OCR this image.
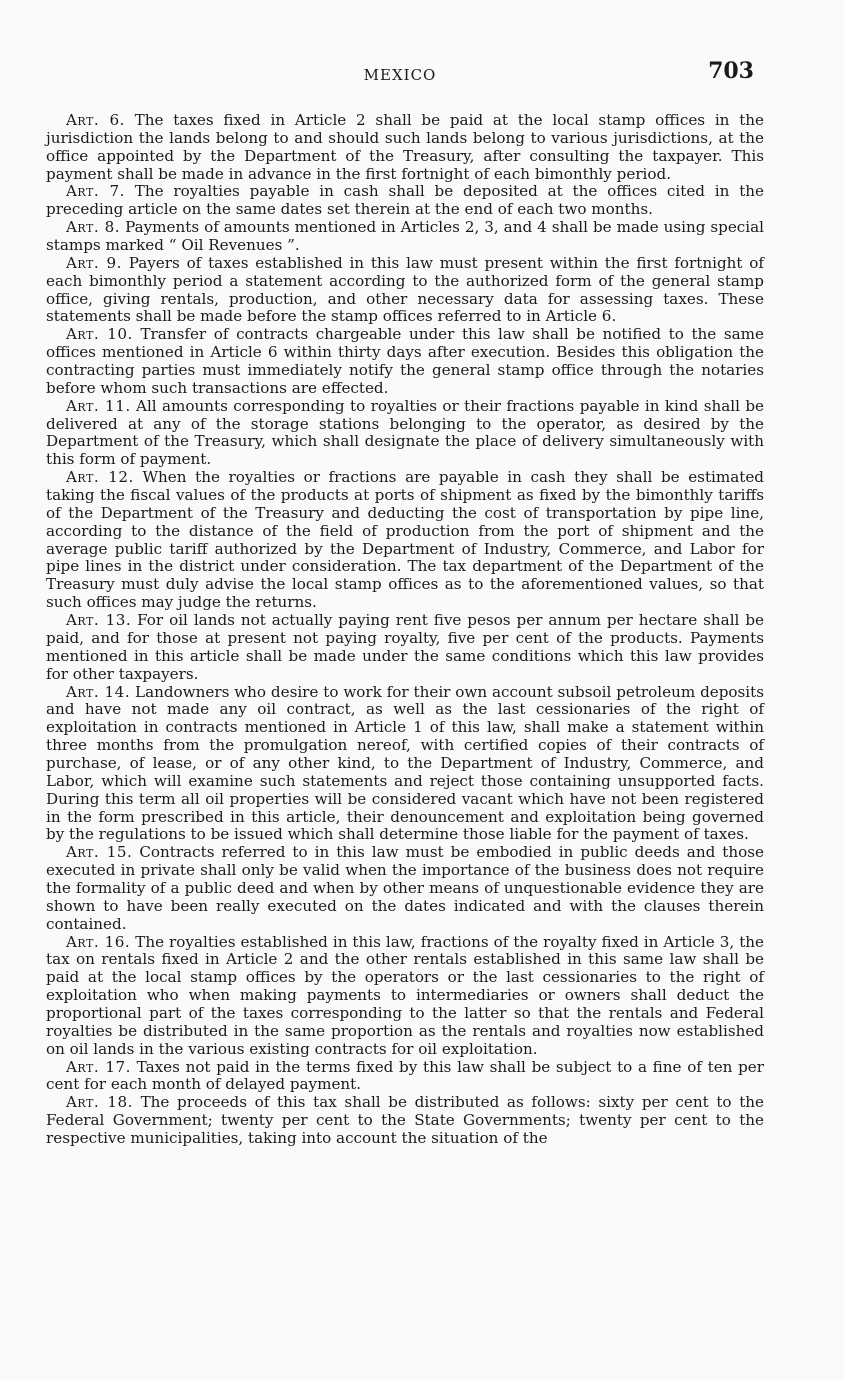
MEXICO	703

Art. 6. The taxes fixed in Article 2 shall be paid at the local stamp offices in the jurisdiction the lands belong to and should such lands belong to various jurisdictions, at the office appointed by the Department of the Treasury, after consulting the taxpayer. This payment shall be made in advance in the first fortnight of each bimonthly period.

Art. 7. The royalties payable in cash shall be deposited at the offices cited in the preceding article on the same dates set therein at the end of each two months.

Art. 8. Payments of amounts mentioned in Articles 2, 3, and 4 shall be made using special stamps marked “ Oil Revenues ”.

Art. 9. Payers of taxes established in this law must present within the first fortnight of each bimonthly period a statement according to the authorized form of the general stamp office, giving rentals, production, and other necessary data for assessing taxes. These statements shall be made before the stamp offices referred to in Article 6.

Art. 10. Transfer of contracts chargeable under this law shall be notified to the same offices mentioned in Article 6 within thirty days after execution. Besides this obligation the contracting parties must immediately notify the general stamp office through the notaries before whom such transactions are effected.

Art. 11. All amounts corresponding to royalties or their fractions payable in kind shall be delivered at any of the storage stations belonging to the operator, as desired by the Department of the Treasury, which shall designate the place of delivery simultaneously with this form of payment.

Art. 12. When the royalties or fractions are payable in cash they shall be estimated taking the fiscal values of the products at ports of shipment as fixed by the bimonthly tariffs of the Department of the Treasury and deducting the cost of transportation by pipe line, according to the distance of the field of production from the port of shipment and the average public tariff authorized by the Department of Industry, Commerce, and Labor for pipe lines in the district under consideration. The tax department of the Department of the Treasury must duly advise the local stamp offices as to the aforementioned values, so that such offices may judge the returns.

Art. 13. For oil lands not actually paying rent five pesos per annum per hectare shall be paid, and for those at present not paying royalty, five per cent of the products. Payments mentioned in this article shall be made under the same conditions which this law provides for other taxpayers.

Art. 14. Landowners who desire to work for their own account subsoil petroleum deposits and have not made any oil contract, as well as the last cessionaries of the right of exploitation in contracts mentioned in Article 1 of this law, shall make a statement within three months from the promulgation nereof, with certified copies of their contracts of purchase, of lease, or of any other kind, to the Department of Industry, Commerce, and Labor, which will examine such statements and reject those containing unsupported facts. During this term all oil properties will be considered vacant which have not been registered in the form prescribed in this article, their denouncement and exploitation being governed by the regulations to be issued which shall determine those liable for the payment of taxes.

Art. 15. Contracts referred to in this law must be embodied in public deeds and those executed in private shall only be valid when the importance of the business does not require the formality of a public deed and when by other means of unquestionable evidence they are shown to have been really executed on the dates indicated and with the clauses therein contained.

Art. 16. The royalties established in this law, fractions of the royalty fixed in Article 3, the tax on rentals fixed in Article 2 and the other rentals established in this same law shall be paid at the local stamp offices by the operators or the last cessionaries to the right of exploitation who when making payments to intermediaries or owners shall deduct the proportional part of the taxes corresponding to the latter so that the rentals and Federal royalties be distributed in the same proportion as the rentals and royalties now established on oil lands in the various existing contracts for oil exploitation.

Art. 17. Taxes not paid in the terms fixed by this law shall be subject to a fine of ten per cent for each month of delayed payment.

Art. 18. The proceeds of this tax shall be distributed as follows: sixty per cent to the Federal Government; twenty per cent to the State Governments; twenty per cent to the respective municipalities, taking into account the situation of the
